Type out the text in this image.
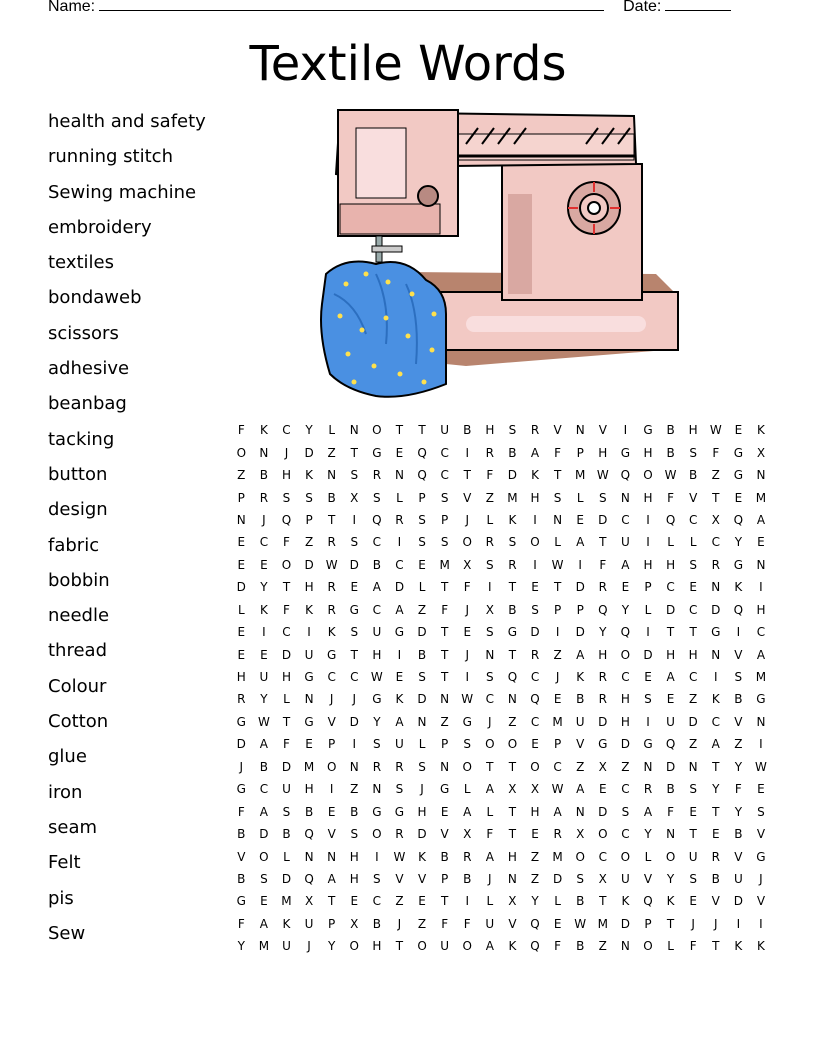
Name:	Date:
Textile Words
health and safety
running stitch
Sewing machine
embroidery
textiles
bondaweb
scissors
adhesive
beanbag
tacking
button
design
fabric
bobbin
needle
thread
Colour
Cotton
glue
iron
seam
Felt
pis
Sew
F	K	C	Y	L	N	O	T	T	U	B	H	S	R	V	N	V	I	G	B	H	W	E	K
O	N	J	D	Z	T	G	E	Q	C	I	R	B	A	F	P	H	G	H	B	S	F	G	X
Z	B	H	K	N	S	R	N	Q	C	T	F	D	K	T	M	W	Q	O	W	B	Z	G	N
P	R	S	S	B	X	S	L	P	S	V	Z	M	H	S	L	S	N	H	F	V	T	E	M
N	J	Q	P	T	I	Q	R	S	P	J	L	K	I	N	E	D	C	I	Q	C	X	Q	A
E	C	F	Z	R	S	C	I	S	S	O	R	S	O	L	A	T	U	I	L	L	C	Y	E
E	E	O	D	W	D	B	C	E	M	X	S	R	I	W	I	F	A	H	H	S	R	G	N
D	Y	T	H	R	E	A	D	L	T	F	I	T	E	T	D	R	E	P	C	E	N	K	I
L	K	F	K	R	G	C	A	Z	F	J	X	B	S	P	P	Q	Y	L	D	C	D	Q	H
E	I	C	I	K	S	U	G	D	T	E	S	G	D	I	D	Y	Q	I	T	T	G	I	C
E	E	D	U	G	T	H	I	B	T	J	N	T	R	Z	A	H	O	D	H	H	N	V	A
H	U	H	G	C	C	W	E	S	T	I	S	Q	C	J	K	R	C	E	A	C	I	S	M
R	Y	L	N	J	J	G	K	D	N	W	C	N	Q	E	B	R	H	S	E	Z	K	B	G
G	W	T	G	V	D	Y	A	N	Z	G	J	Z	C	M	U	D	H	I	U	D	C	V	N
D	A	F	E	P	I	S	U	L	P	S	O	O	E	P	V	G	D	G	Q	Z	A	Z	I
J	B	D	M	O	N	R	R	S	N	O	T	T	O	C	Z	X	Z	N	D	N	T	Y	W
G	C	U	H	I	Z	N	S	J	G	L	A	X	X	W	A	E	C	R	B	S	Y	F	E
F	A	S	B	E	B	G	G	H	E	A	L	T	H	A	N	D	S	A	F	E	T	Y	S
B	D	B	Q	V	S	O	R	D	V	X	F	T	E	R	X	O	C	Y	N	T	E	B	V
V	O	L	N	N	H	I	W	K	B	R	A	H	Z	M	O	C	O	L	O	U	R	V	G
B	S	D	Q	A	H	S	V	V	P	B	J	N	Z	D	S	X	U	V	Y	S	B	U	J
G	E	M	X	T	E	C	Z	E	T	I	L	X	Y	L	B	T	K	Q	K	E	V	D	V
F	A	K	U	P	X	B	J	Z	F	F	U	V	Q	E	W	M	D	P	T	J	J	I	I
Y	M	U	J	Y	O	H	T	O	U	O	A	K	Q	F	B	Z	N	O	L	F	T	K	K
